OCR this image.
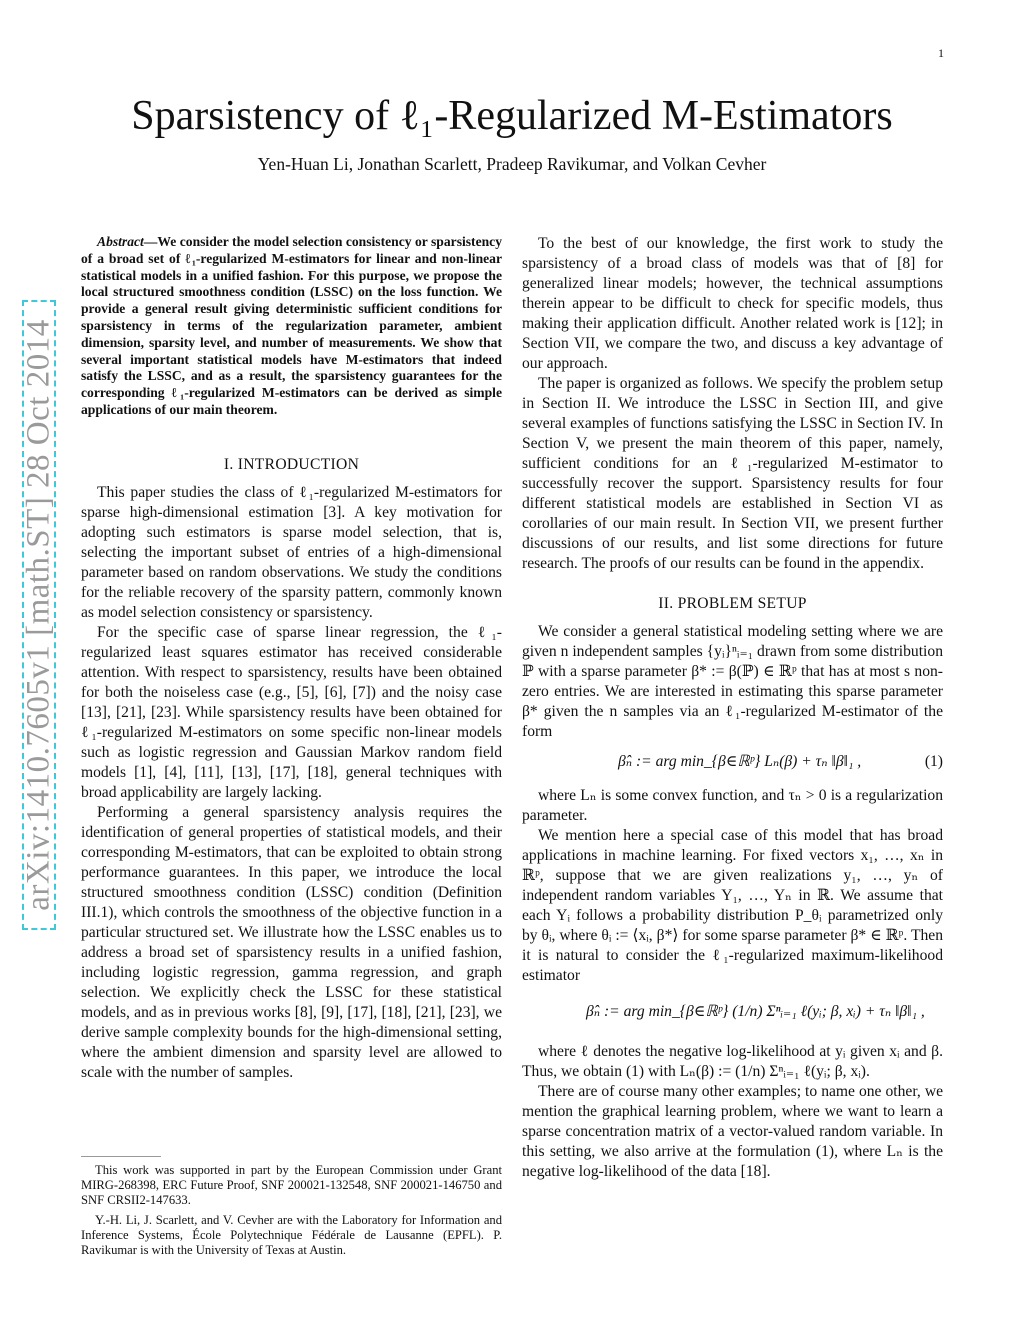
1
arXiv:1410.7605v1 [math.ST] 28 Oct 2014
Sparsistency of ℓ₁-Regularized M-Estimators
Yen-Huan Li, Jonathan Scarlett, Pradeep Ravikumar, and Volkan Cevher
Abstract—We consider the model selection consistency or sparsistency of a broad set of ℓ₁-regularized M-estimators for linear and non-linear statistical models in a unified fashion. For this purpose, we propose the local structured smoothness condition (LSSC) on the loss function. We provide a general result giving deterministic sufficient conditions for sparsistency in terms of the regularization parameter, ambient dimension, sparsity level, and number of measurements. We show that several important statistical models have M-estimators that indeed satisfy the LSSC, and as a result, the sparsistency guarantees for the corresponding ℓ₁-regularized M-estimators can be derived as simple applications of our main theorem.
I. INTRODUCTION

This paper studies the class of ℓ₁-regularized M-estimators for sparse high-dimensional estimation [3]. A key motivation for adopting such estimators is sparse model selection, that is, selecting the important subset of entries of a high-dimensional parameter based on random observations. We study the conditions for the reliable recovery of the sparsity pattern, commonly known as model selection consistency or sparsistency.

For the specific case of sparse linear regression, the ℓ₁-regularized least squares estimator has received considerable attention. With respect to sparsistency, results have been obtained for both the noiseless case (e.g., [5], [6], [7]) and the noisy case [13], [21], [23]. While sparsistency results have been obtained for ℓ₁-regularized M-estimators on some specific non-linear models such as logistic regression and Gaussian Markov random field models [1], [4], [11], [13], [17], [18], general techniques with broad applicability are largely lacking.

Performing a general sparsistency analysis requires the identification of general properties of statistical models, and their corresponding M-estimators, that can be exploited to obtain strong performance guarantees. In this paper, we introduce the local structured smoothness condition (LSSC) condition (Definition III.1), which controls the smoothness of the objective function in a particular structured set. We illustrate how the LSSC enables us to address a broad set of sparsistency results in a unified fashion, including logistic regression, gamma regression, and graph selection. We explicitly check the LSSC for these statistical models, and as in previous works [8], [9], [17], [18], [21], [23], we derive sample complexity bounds for the high-dimensional setting, where the ambient dimension and sparsity level are allowed to scale with the number of samples.

This work was supported in part by the European Commission under Grant MIRG-268398, ERC Future Proof, SNF 200021-132548, SNF 200021-146750 and SNF CRSII2-147633.

Y.-H. Li, J. Scarlett, and V. Cevher are with the Laboratory for Information and Inference Systems, École Polytechnique Fédérale de Lausanne (EPFL). P. Ravikumar is with the University of Texas at Austin.

To the best of our knowledge, the first work to study the sparsistency of a broad class of models was that of [8] for generalized linear models; however, the technical assumptions therein appear to be difficult to check for specific models, thus making their application difficult. Another related work is [12]; in Section VII, we compare the two, and discuss a key advantage of our approach.

The paper is organized as follows. We specify the problem setup in Section II. We introduce the LSSC in Section III, and give several examples of functions satisfying the LSSC in Section IV. In Section V, we present the main theorem of this paper, namely, sufficient conditions for an ℓ₁-regularized M-estimator to successfully recover the support. Sparsistency results for four different statistical models are established in Section VI as corollaries of our main result. In Section VII, we present further discussions of our results, and list some directions for future research. The proofs of our results can be found in the appendix.

II. PROBLEM SETUP

We consider a general statistical modeling setting where we are given n independent samples {yᵢ}ⁿᵢ₌₁ drawn from some distribution ℙ with a sparse parameter β* := β(ℙ) ∈ ℝᵖ that has at most s non-zero entries. We are interested in estimating this sparse parameter β* given the n samples via an ℓ₁-regularized M-estimator of the form

β̂ₙ := arg min_{β∈ℝᵖ} Lₙ(β) + τₙ ‖β‖₁ ,	(1)

where Lₙ is some convex function, and τₙ > 0 is a regularization parameter.

We mention here a special case of this model that has broad applications in machine learning. For fixed vectors x₁, …, xₙ in ℝᵖ, suppose that we are given realizations y₁, …, yₙ of independent random variables Y₁, …, Yₙ in ℝ. We assume that each Yᵢ follows a probability distribution P_θᵢ parametrized only by θᵢ, where θᵢ := ⟨xᵢ, β*⟩ for some sparse parameter β* ∈ ℝᵖ. Then it is natural to consider the ℓ₁-regularized maximum-likelihood estimator

β̂ₙ := arg min_{β∈ℝᵖ} (1/n) Σⁿᵢ₌₁ ℓ(yᵢ; β, xᵢ) + τₙ ‖β‖₁ ,

where ℓ denotes the negative log-likelihood at yᵢ given xᵢ and β. Thus, we obtain (1) with Lₙ(β) := (1/n) Σⁿᵢ₌₁ ℓ(yᵢ; β, xᵢ).

There are of course many other examples; to name one other, we mention the graphical learning problem, where we want to learn a sparse concentration matrix of a vector-valued random variable. In this setting, we also arrive at the formulation (1), where Lₙ is the negative log-likelihood of the data [18].
